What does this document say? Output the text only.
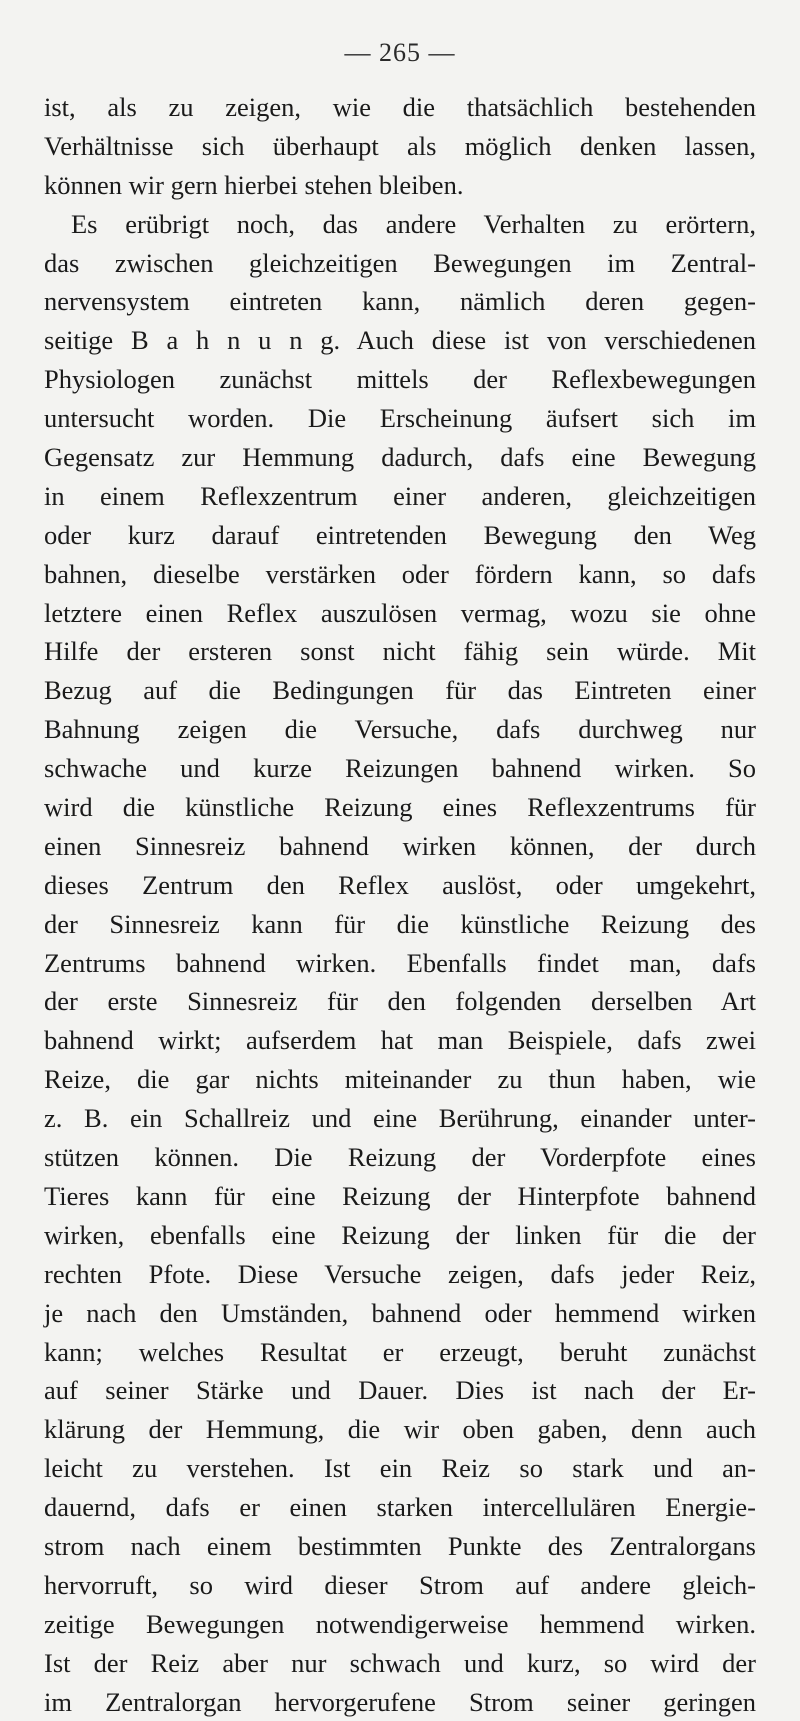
— 265 —
ist, als zu zeigen, wie die thatsächlich bestehenden
Verhältnisse sich überhaupt als möglich denken lassen,
können wir gern hierbei stehen bleiben.
Es erübrigt noch, das andere Verhalten zu erörtern,
das zwischen gleichzeitigen Bewegungen im Zentral-
nervensystem eintreten kann, nämlich deren gegen-
seitige B a h n u n g. Auch diese ist von verschiedenen
Physiologen zunächst mittels der Reflexbewegungen
untersucht worden. Die Erscheinung äufsert sich im
Gegensatz zur Hemmung dadurch, dafs eine Bewegung
in einem Reflexzentrum einer anderen, gleichzeitigen
oder kurz darauf eintretenden Bewegung den Weg
bahnen, dieselbe verstärken oder fördern kann, so dafs
letztere einen Reflex auszulösen vermag, wozu sie ohne
Hilfe der ersteren sonst nicht fähig sein würde. Mit
Bezug auf die Bedingungen für das Eintreten einer
Bahnung zeigen die Versuche, dafs durchweg nur
schwache und kurze Reizungen bahnend wirken. So
wird die künstliche Reizung eines Reflexzentrums für
einen Sinnesreiz bahnend wirken können, der durch
dieses Zentrum den Reflex auslöst, oder umgekehrt,
der Sinnesreiz kann für die künstliche Reizung des
Zentrums bahnend wirken. Ebenfalls findet man, dafs
der erste Sinnesreiz für den folgenden derselben Art
bahnend wirkt; aufserdem hat man Beispiele, dafs zwei
Reize, die gar nichts miteinander zu thun haben, wie
z. B. ein Schallreiz und eine Berührung, einander unter-
stützen können. Die Reizung der Vorderpfote eines
Tieres kann für eine Reizung der Hinterpfote bahnend
wirken, ebenfalls eine Reizung der linken für die der
rechten Pfote. Diese Versuche zeigen, dafs jeder Reiz,
je nach den Umständen, bahnend oder hemmend wirken
kann; welches Resultat er erzeugt, beruht zunächst
auf seiner Stärke und Dauer. Dies ist nach der Er-
klärung der Hemmung, die wir oben gaben, denn auch
leicht zu verstehen. Ist ein Reiz so stark und an-
dauernd, dafs er einen starken intercellulären Energie-
strom nach einem bestimmten Punkte des Zentralorgans
hervorruft, so wird dieser Strom auf andere gleich-
zeitige Bewegungen notwendigerweise hemmend wirken.
Ist der Reiz aber nur schwach und kurz, so wird der
im Zentralorgan hervorgerufene Strom seiner geringen
